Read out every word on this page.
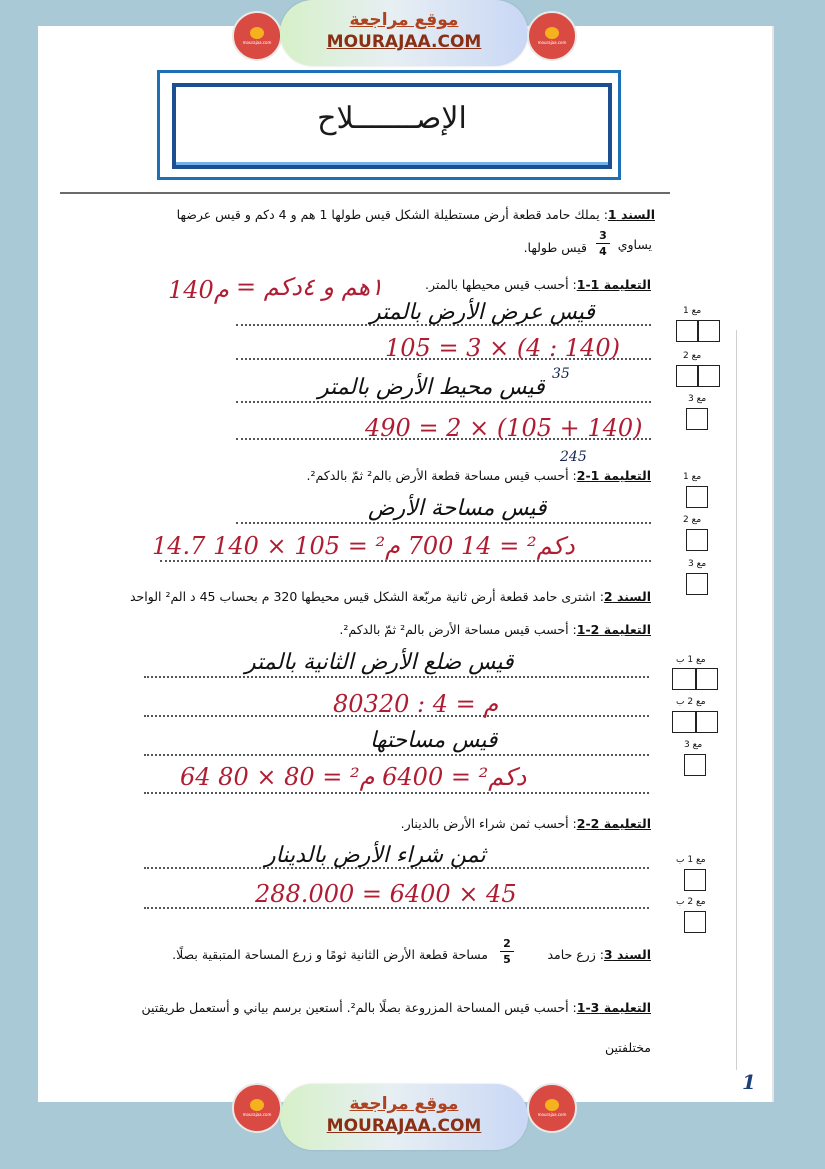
mourajaa.com
موقع مراجعة
MOURAJAA.COM	mourajaa.com
الإصـــــــلاح
السند 1: يملك حامد قطعة أرض مستطيلة الشكل قيس طولها 1 هم و 4 دكم و قيس عرضها
يساوي
3
4
قيس طولها.
التعليمة 1-1: أحسب قيس محيطها بالمتر.
140م ١هم و ٤دكم =
قيس عرض الأرض بالمتر
105 = 3 × (4 : 140)
35
قيس محيط الأرض بالمتر
490 = 2 × (105 + 140)
245
التعليمة 1-2: أحسب قيس مساحة قطعة الأرض بالم² ثمّ بالدكم².
قيس مساحة الأرض
14.7 دكم² = 14 700 م² = 105 × 140
السند 2: اشترى حامد قطعة أرض ثانية مربّعة الشكل قيس محيطها 320 م بحساب 45 د الم² الواحد
التعليمة 2-1: أحسب قيس مساحة الأرض بالم² ثمّ بالدكم².
قيس ضلع الأرض الثانية بالمتر
80م = 4 : 320
قيس مساحتها
64 دكم² = 6400 م² = 80 × 80
التعليمة 2-2: أحسب ثمن شراء الأرض بالدينار.
ثمن شراء الأرض بالدينار
288.000 = 6400 × 45
السند 3: زرع حامد
2
5
مساحة قطعة الأرض الثانية ثومًا و زرع المساحة المتبقية بصلًا.
التعليمة 3-1: أحسب قيس المساحة المزروعة بصلًا بالم². أستعين برسم بياني و أستعمل طريقتين
مختلفتين
مع 1
مع 2
مع 3
مع 1
مع 2
مع 3
مع 1 ب
مع 2 ب
مع 3
مع 1 ب
مع 2 ب
1
mourajaa.com
موقع مراجعة
MOURAJAA.COM
mourajaa.com
